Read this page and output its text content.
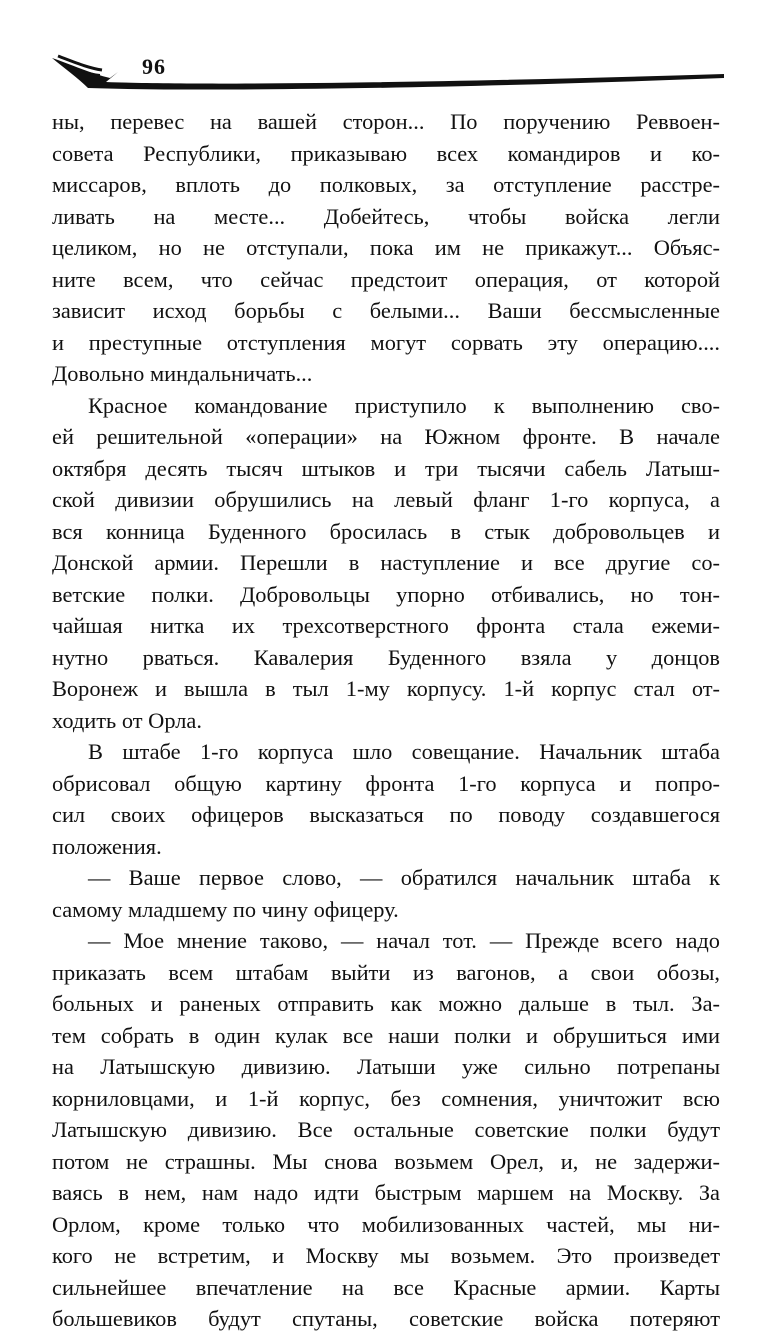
96
ны, перевес на вашей сторон... По поручению Реввоен-
совета Республики, приказываю всех командиров и ко-
миссаров, вплоть до полковых, за отступление расстре-
ливать на месте... Добейтесь, чтобы войска легли
целиком, но не отступали, пока им не прикажут... Объяс-
ните всем, что сейчас предстоит операция, от которой
зависит исход борьбы с белыми... Ваши бессмысленные
и преступные отступления могут сорвать эту операцию....
Довольно миндальничать...
Красное командование приступило к выполнению сво-
ей решительной «операции» на Южном фронте. В начале
октября десять тысяч штыков и три тысячи сабель Латыш-
ской дивизии обрушились на левый фланг 1-го корпуса, а
вся конница Буденного бросилась в стык добровольцев и
Донской армии. Перешли в наступление и все другие со-
ветские полки. Добровольцы упорно отбивались, но тон-
чайшая нитка их трехсотверстного фронта стала ежеми-
нутно рваться. Кавалерия Буденного взяла у донцов
Воронеж и вышла в тыл 1-му корпусу. 1-й корпус стал от-
ходить от Орла.
В штабе 1-го корпуса шло совещание. Начальник штаба
обрисовал общую картину фронта 1-го корпуса и попро-
сил своих офицеров высказаться по поводу создавшегося
положения.
— Ваше первое слово, — обратился начальник штаба к
самому младшему по чину офицеру.
— Мое мнение таково, — начал тот. — Прежде всего надо
приказать всем штабам выйти из вагонов, а свои обозы,
больных и раненых отправить как можно дальше в тыл. За-
тем собрать в один кулак все наши полки и обрушиться ими
на Латышскую дивизию. Латыши уже сильно потрепаны
корниловцами, и 1-й корпус, без сомнения, уничтожит всю
Латышскую дивизию. Все остальные советские полки будут
потом не страшны. Мы снова возьмем Орел, и, не задержи-
ваясь в нем, нам надо идти быстрым маршем на Москву. За
Орлом, кроме только что мобилизованных частей, мы ни-
кого не встретим, и Москву мы возьмем. Это произведет
сильнейшее впечатление на все Красные армии. Карты
большевиков будут спутаны, советские войска потеряют
